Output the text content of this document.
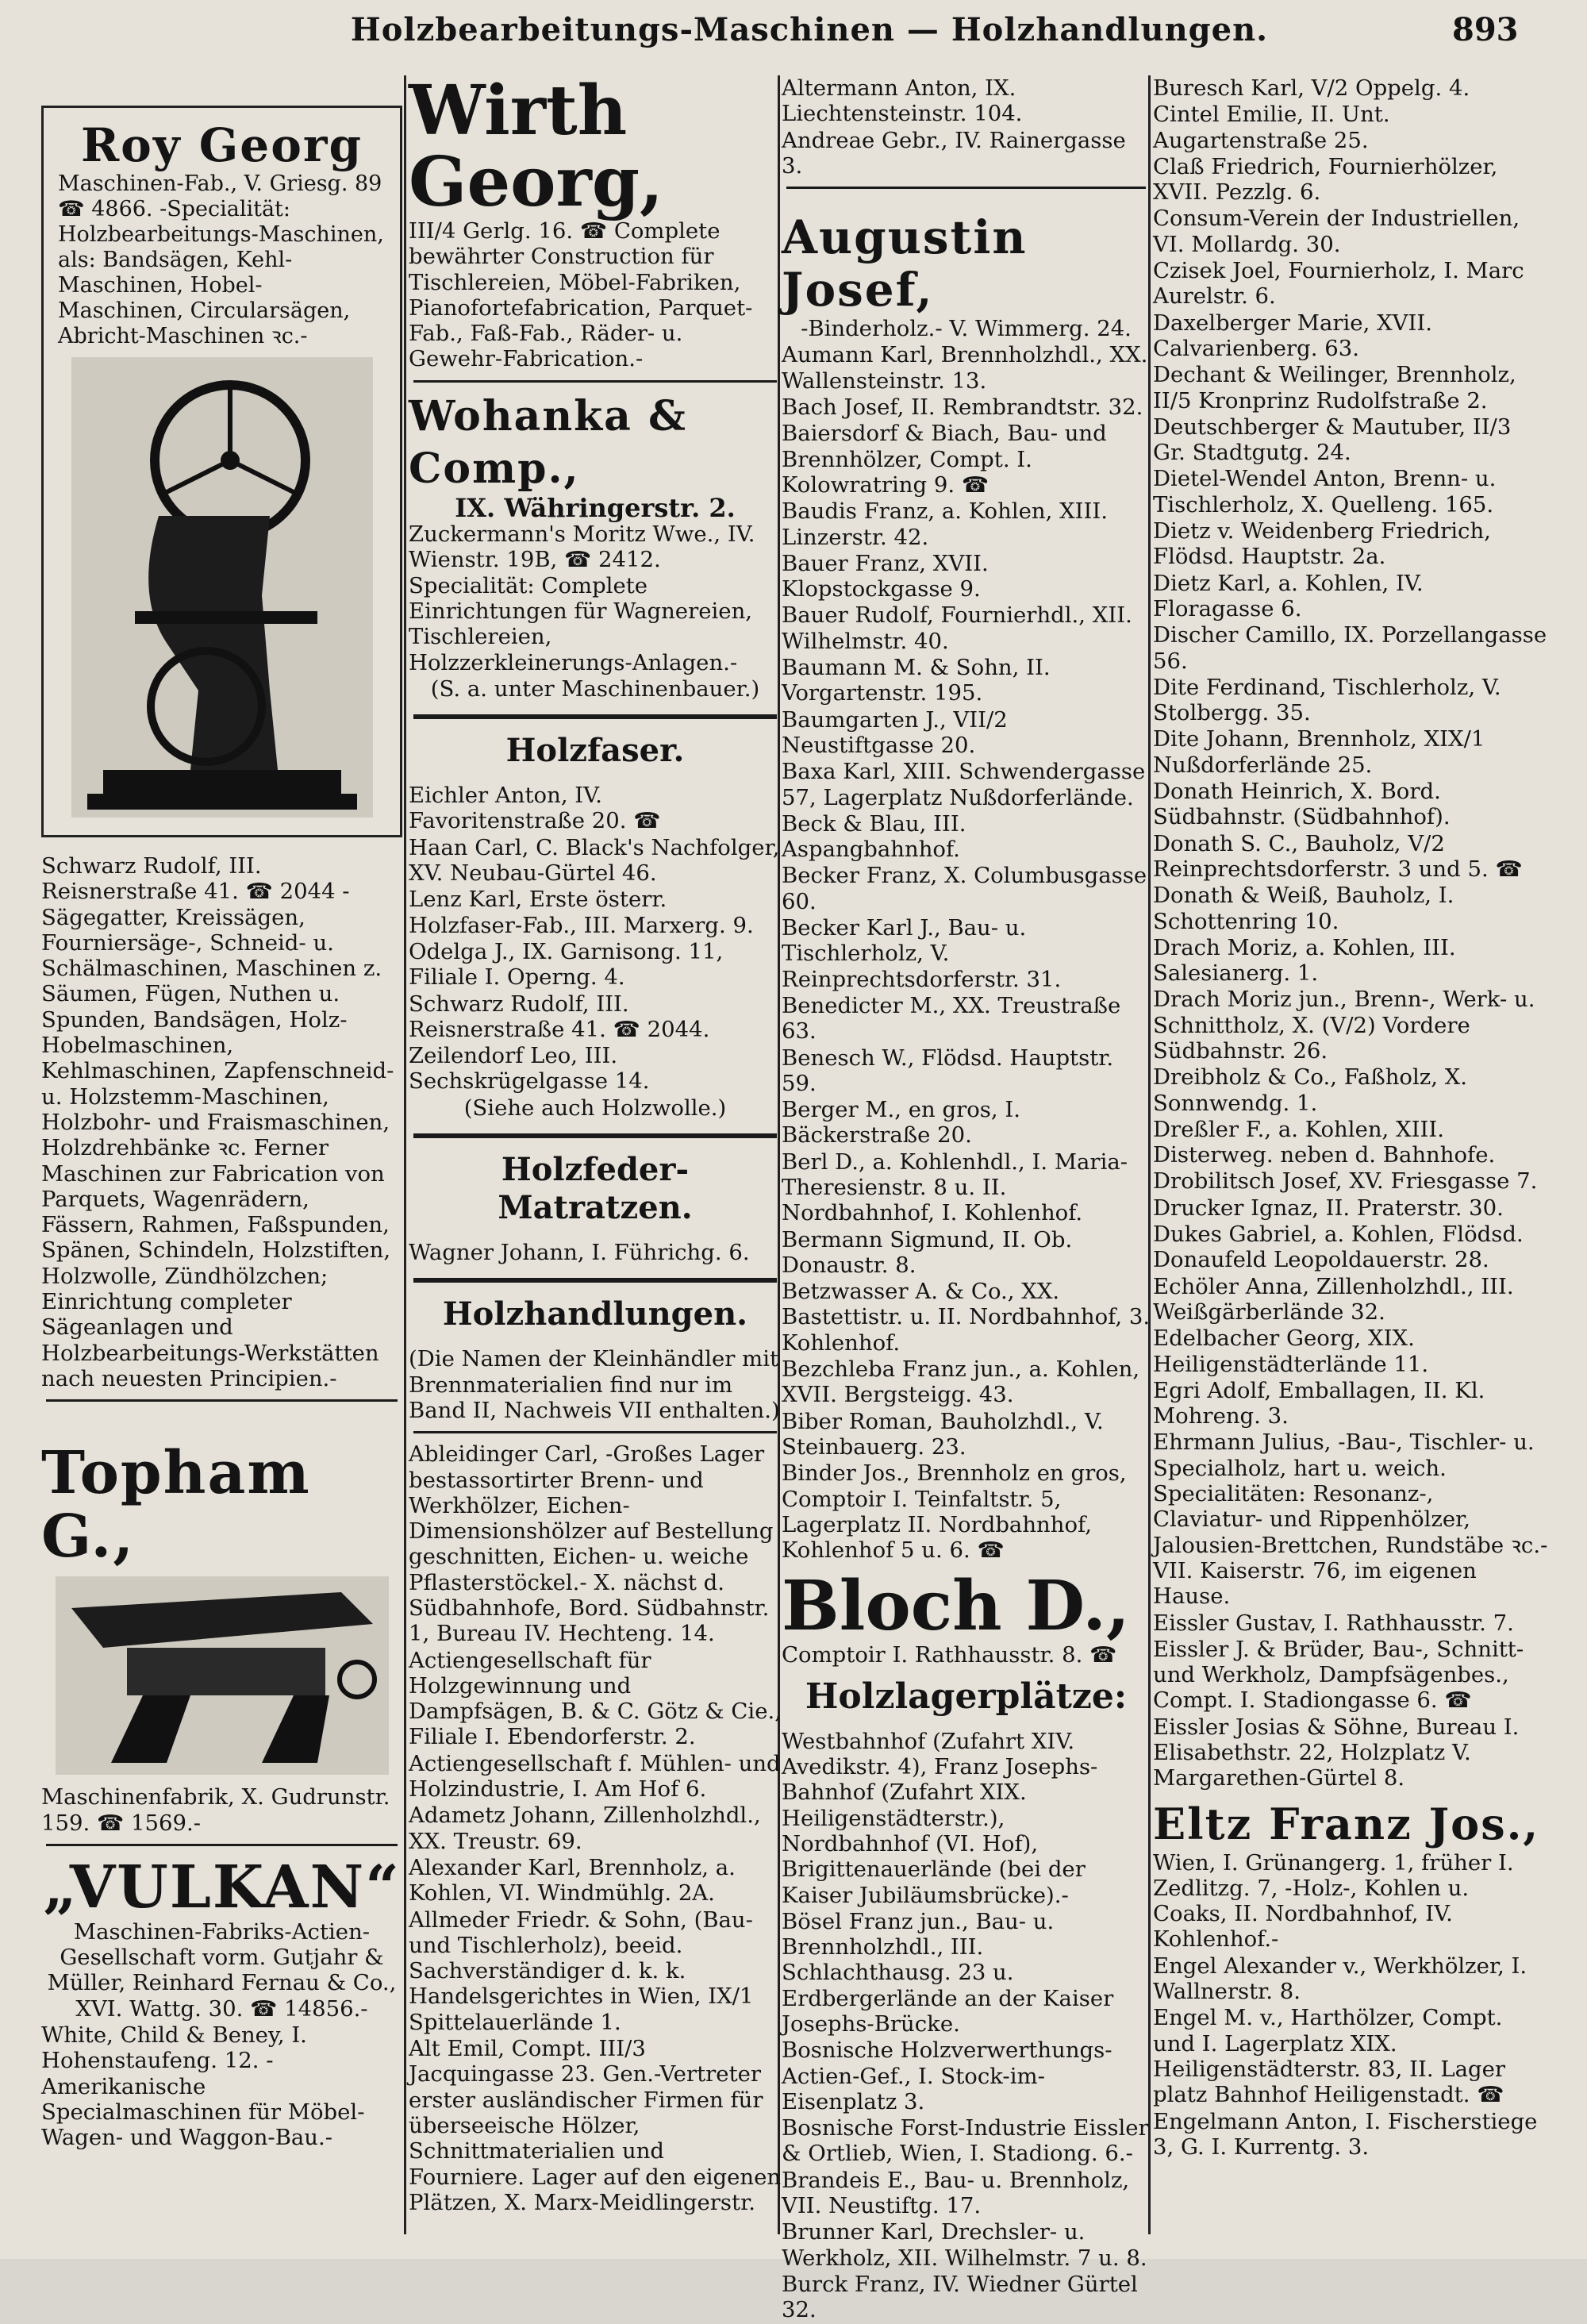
Holzbearbeitungs-Maschinen — Holzhandlungen.	893
Roy Georg
Maschinen-Fab., V. Griesg. 89 ☎ 4866. -Specialität: Holzbearbeitungs-Maschinen, als: Bandsägen, Kehl-Maschinen, Hobel-Maschinen, Circularsägen, Abricht-Maschinen ꝛc.-

Schwarz Rudolf, III. Reisnerstraße 41. ☎ 2044 -Sägegatter, Kreissägen, Fourniersäge-, Schneid- u. Schälmaschinen, Maschinen z. Säumen, Fügen, Nuthen u. Spunden, Bandsägen, Holz-Hobelmaschinen, Kehlmaschinen, Zapfenschneid- u. Holzstemm-Maschinen, Holzbohr- und Fraismaschinen, Holzdrehbänke ꝛc. Ferner Maschinen zur Fabrication von Parquets, Wagenrädern, Fässern, Rahmen, Faßspunden, Spänen, Schindeln, Holzstiften, Holzwolle, Zündhölzchen; Einrichtung completer Sägeanlagen und Holzbearbeitungs-Werkstätten nach neuesten Principien.-

Topham G.,

Maschinenfabrik, X. Gudrunstr. 159. ☎ 1569.-

„VULKAN“

Maschinen-Fabriks-Actien-Gesellschaft vorm. Gutjahr & Müller, Reinhard Fernau & Co., XVI. Wattg. 30. ☎ 14856.-

White, Child & Beney, I. Hohenstaufeng. 12. -Amerikanische Specialmaschinen für Möbel-Wagen- und Waggon-Bau.-

Wirth Georg,

III/4 Gerlg. 16. ☎ Complete bewährter Construction für Tischlereien, Möbel-Fabriken, Pianofortefabrication, Parquet-Fab., Faß-Fab., Räder- u. Gewehr-Fabrication.-

Wohanka & Comp.,

IX. Währingerstr. 2.

Zuckermann's Moritz Wwe., IV. Wienstr. 19B, ☎ 2412. Specialität: Complete Einrichtungen für Wagnereien, Tischlereien, Holzzerkleinerungs-Anlagen.-

(S. a. unter Maschinenbauer.)

Holzfaser.

Eichler Anton, IV. Favoritenstraße 20. ☎

Haan Carl, C. Black's Nachfolger, XV. Neubau-Gürtel 46.

Lenz Karl, Erste österr. Holzfaser-Fab., III. Marxerg. 9.

Odelga J., IX. Garnisong. 11, Filiale I. Operng. 4.

Schwarz Rudolf, III. Reisnerstraße 41. ☎ 2044.

Zeilendorf Leo, III. Sechskrügelgasse 14.

(Siehe auch Holzwolle.)

Holzfeder-Matratzen.

Wagner Johann, I. Führichg. 6.

Holzhandlungen.

(Die Namen der Kleinhändler mit Brennmaterialien find nur im Band II, Nachweis VII enthalten.)

Ableidinger Carl, -Großes Lager bestassortirter Brenn- und Werkhölzer, Eichen-Dimensionshölzer auf Bestellung geschnitten, Eichen- u. weiche Pflasterstöckel.- X. nächst d. Südbahnhofe, Bord. Südbahnstr. 1, Bureau IV. Hechteng. 14.

Actiengesellschaft für Holzgewinnung und Dampfsägen, B. & C. Götz & Cie., Filiale I. Ebendorferstr. 2.

Actiengesellschaft f. Mühlen- und Holzindustrie, I. Am Hof 6.

Adametz Johann, Zillenholzhdl., XX. Treustr. 69.

Alexander Karl, Brennholz, a. Kohlen, VI. Windmühlg. 2A.

Allmeder Friedr. & Sohn, (Bau- und Tischlerholz), beeid. Sachverständiger d. k. k. Handelsgerichtes in Wien, IX/1 Spittelauerlände 1.

Alt Emil, Compt. III/3 Jacquingasse 23. Gen.-Vertreter erster ausländischer Firmen für überseeische Hölzer, Schnittmaterialien und Fourniere. Lager auf den eigenen Plätzen, X. Marx-Meidlingerstr.

Altermann Anton, IX. Liechtensteinstr. 104.

Andreae Gebr., IV. Rainergasse 3.

Augustin Josef,

-Binderholz.- V. Wimmerg. 24.

Aumann Karl, Brennholzhdl., XX. Wallensteinstr. 13.

Bach Josef, II. Rembrandtstr. 32.

Baiersdorf & Biach, Bau- und Brennhölzer, Compt. I. Kolowratring 9. ☎

Baudis Franz, a. Kohlen, XIII. Linzerstr. 42.

Bauer Franz, XVII. Klopstockgasse 9.

Bauer Rudolf, Fournierhdl., XII. Wilhelmstr. 40.

Baumann M. & Sohn, II. Vorgartenstr. 195.

Baumgarten J., VII/2 Neustiftgasse 20.

Baxa Karl, XIII. Schwendergasse 57, Lagerplatz Nußdorferlände.

Beck & Blau, III. Aspangbahnhof.

Becker Franz, X. Columbusgasse 60.

Becker Karl J., Bau- u. Tischlerholz, V. Reinprechtsdorferstr. 31.

Benedicter M., XX. Treustraße 63.

Benesch W., Flödsd. Hauptstr. 59.

Berger M., en gros, I. Bäckerstraße 20.

Berl D., a. Kohlenhdl., I. Maria-Theresienstr. 8 u. II. Nordbahnhof, I. Kohlenhof.

Bermann Sigmund, II. Ob. Donaustr. 8.

Betzwasser A. & Co., XX. Bastettistr. u. II. Nordbahnhof, 3. Kohlenhof.

Bezchleba Franz jun., a. Kohlen, XVII. Bergsteigg. 43.

Biber Roman, Bauholzhdl., V. Steinbauerg. 23.

Binder Jos., Brennholz en gros, Comptoir I. Teinfaltstr. 5, Lagerplatz II. Nordbahnhof, Kohlenhof 5 u. 6. ☎

Bloch D.,

Comptoir I. Rathhausstr. 8. ☎

Holzlagerplätze:

Westbahnhof (Zufahrt XIV. Avedikstr. 4), Franz Josephs-Bahnhof (Zufahrt XIX. Heiligenstädterstr.), Nordbahnhof (VI. Hof), Brigittenauerlände (bei der Kaiser Jubiläumsbrücke).-

Bösel Franz jun., Bau- u. Brennholzhdl., III. Schlachthausg. 23 u. Erdbergerlände an der Kaiser Josephs-Brücke.

Bosnische Holzverwerthungs-Actien-Gef., I. Stock-im-Eisenplatz 3.

Bosnische Forst-Industrie Eissler & Ortlieb, Wien, I. Stadiong. 6.-

Brandeis E., Bau- u. Brennholz, VII. Neustiftg. 17.

Brunner Karl, Drechsler- u. Werkholz, XII. Wilhelmstr. 7 u. 8.

Burck Franz, IV. Wiedner Gürtel 32.

Buresch Karl, V/2 Oppelg. 4.

Cintel Emilie, II. Unt. Augartenstraße 25.

Claß Friedrich, Fournierhölzer, XVII. Pezzlg. 6.

Consum-Verein der Industriellen, VI. Mollardg. 30.

Czisek Joel, Fournierholz, I. Marc Aurelstr. 6.

Daxelberger Marie, XVII. Calvarienberg. 63.

Dechant & Weilinger, Brennholz, II/5 Kronprinz Rudolfstraße 2.

Deutschberger & Mautuber, II/3 Gr. Stadtgutg. 24.

Dietel-Wendel Anton, Brenn- u. Tischlerholz, X. Quelleng. 165.

Dietz v. Weidenberg Friedrich, Flödsd. Hauptstr. 2a.

Dietz Karl, a. Kohlen, IV. Floragasse 6.

Discher Camillo, IX. Porzellangasse 56.

Dite Ferdinand, Tischlerholz, V. Stolbergg. 35.

Dite Johann, Brennholz, XIX/1 Nußdorferlände 25.

Donath Heinrich, X. Bord. Südbahnstr. (Südbahnhof).

Donath S. C., Bauholz, V/2 Reinprechtsdorferstr. 3 und 5. ☎

Donath & Weiß, Bauholz, I. Schottenring 10.

Drach Moriz, a. Kohlen, III. Salesianerg. 1.

Drach Moriz jun., Brenn-, Werk- u. Schnittholz, X. (V/2) Vordere Südbahnstr. 26.

Dreibholz & Co., Faßholz, X. Sonnwendg. 1.

Dreßler F., a. Kohlen, XIII. Disterweg. neben d. Bahnhofe.

Drobilitsch Josef, XV. Friesgasse 7.

Drucker Ignaz, II. Praterstr. 30.

Dukes Gabriel, a. Kohlen, Flödsd. Donaufeld Leopoldauerstr. 28.

Echöler Anna, Zillenholzhdl., III. Weißgärberlände 32.

Edelbacher Georg, XIX. Heiligenstädterlände 11.

Egri Adolf, Emballagen, II. Kl. Mohreng. 3.

Ehrmann Julius, -Bau-, Tischler- u. Specialholz, hart u. weich. Specialitäten: Resonanz-, Claviatur- und Rippenhölzer, Jalousien-Brettchen, Rundstäbe ꝛc.- VII. Kaiserstr. 76, im eigenen Hause.

Eissler Gustav, I. Rathhausstr. 7.

Eissler J. & Brüder, Bau-, Schnitt- und Werkholz, Dampfsägenbes., Compt. I. Stadiongasse 6. ☎

Eissler Josias & Söhne, Bureau I. Elisabethstr. 22, Holzplatz V. Margarethen-Gürtel 8.

Eltz Franz Jos.,

Wien, I. Grünangerg. 1, früher I. Zedlitzg. 7, -Holz-, Kohlen u. Coaks, II. Nordbahnhof, IV. Kohlenhof.-

Engel Alexander v., Werkhölzer, I. Wallnerstr. 8.

Engel M. v., Harthölzer, Compt. und I. Lagerplatz XIX. Heiligenstädterstr. 83, II. Lager platz Bahnhof Heiligenstadt. ☎

Engelmann Anton, I. Fischerstiege 3, G. I. Kurrentg. 3.
